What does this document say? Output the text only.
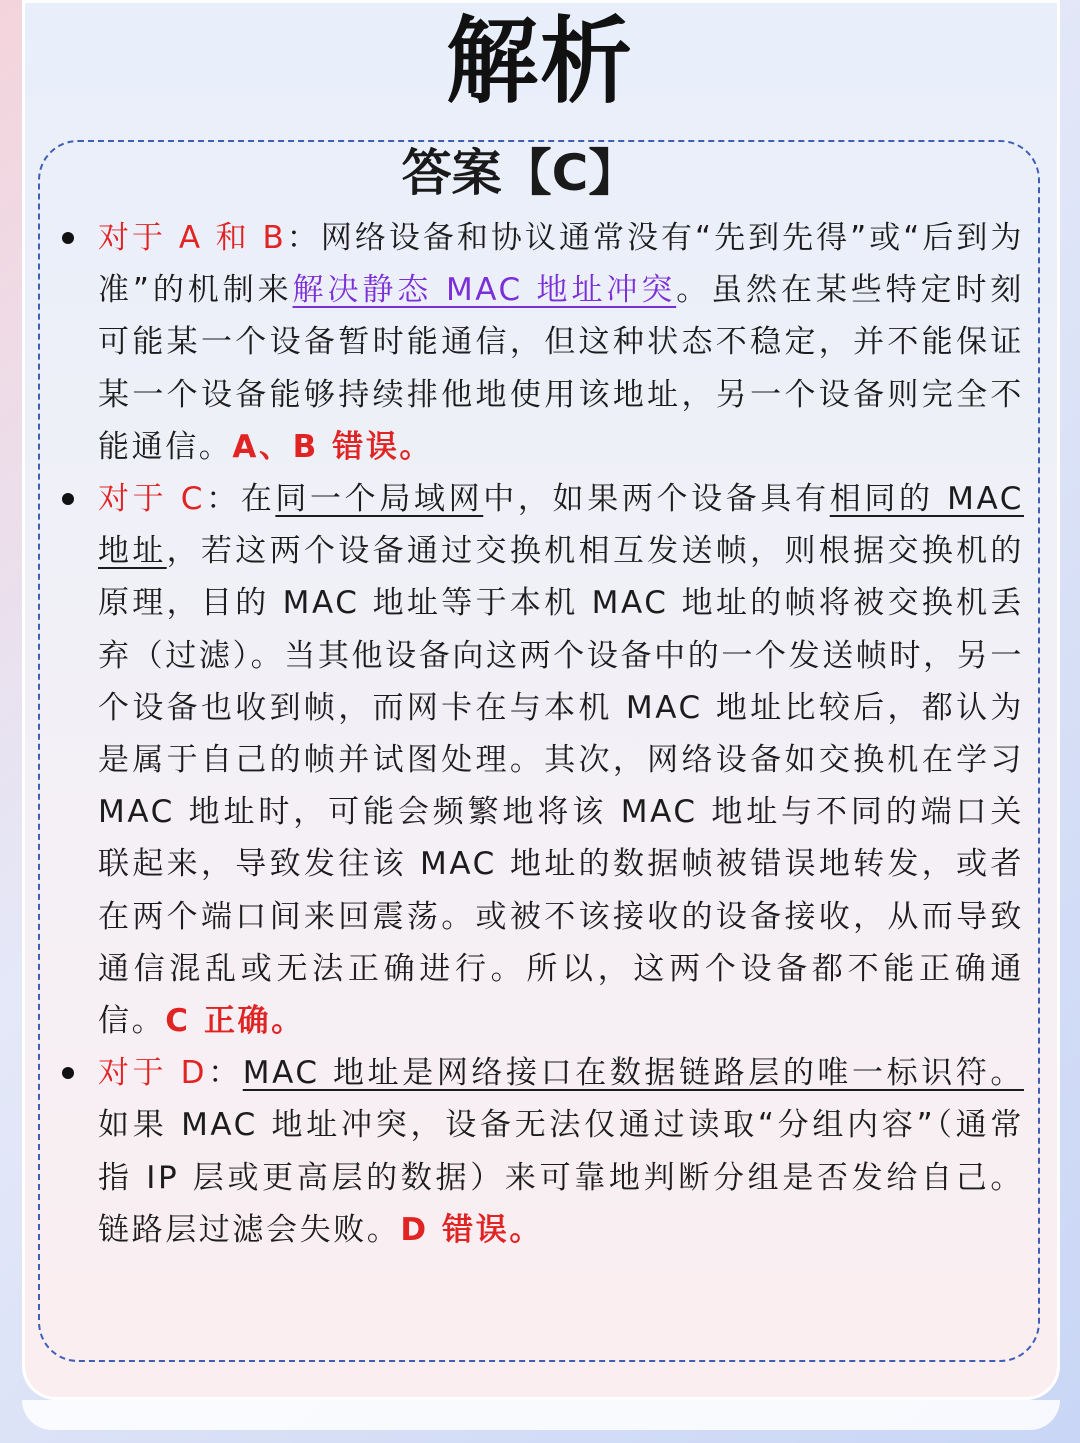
解析
答案【C】

对于 A 和 B：网络设备和协议通常没有“先到先得”或“后到为准”的机制来解决静态 MAC 地址冲突。虽然在某些特定时刻可能某一个设备暂时能通信，但这种状态不稳定，并不能保证某一个设备能够持续排他地使用该地址，另一个设备则完全不能通信。A、B 错误。

对于 C：在同一个局域网中，如果两个设备具有相同的 MAC 地址，若这两个设备通过交换机相互发送帧，则根据交换机的原理，目的 MAC 地址等于本机 MAC 地址的帧将被交换机丢弃（过滤）。当其他设备向这两个设备中的一个发送帧时，另一个设备也收到帧，而网卡在与本机 MAC 地址比较后，都认为是属于自己的帧并试图处理。其次，网络设备如交换机在学习 MAC 地址时，可能会频繁地将该 MAC 地址与不同的端口关联起来，导致发往该 MAC 地址的数据帧被错误地转发，或者在两个端口间来回震荡。或被不该接收的设备接收，从而导致通信混乱或无法正确进行。所以，这两个设备都不能正确通信。C 正确。

对于 D：MAC 地址是网络接口在数据链路层的唯一标识符。如果 MAC 地址冲突，设备无法仅通过读取“分组内容”（通常指 IP 层或更高层的数据）来可靠地判断分组是否发给自己。链路层过滤会失败。D 错误。
